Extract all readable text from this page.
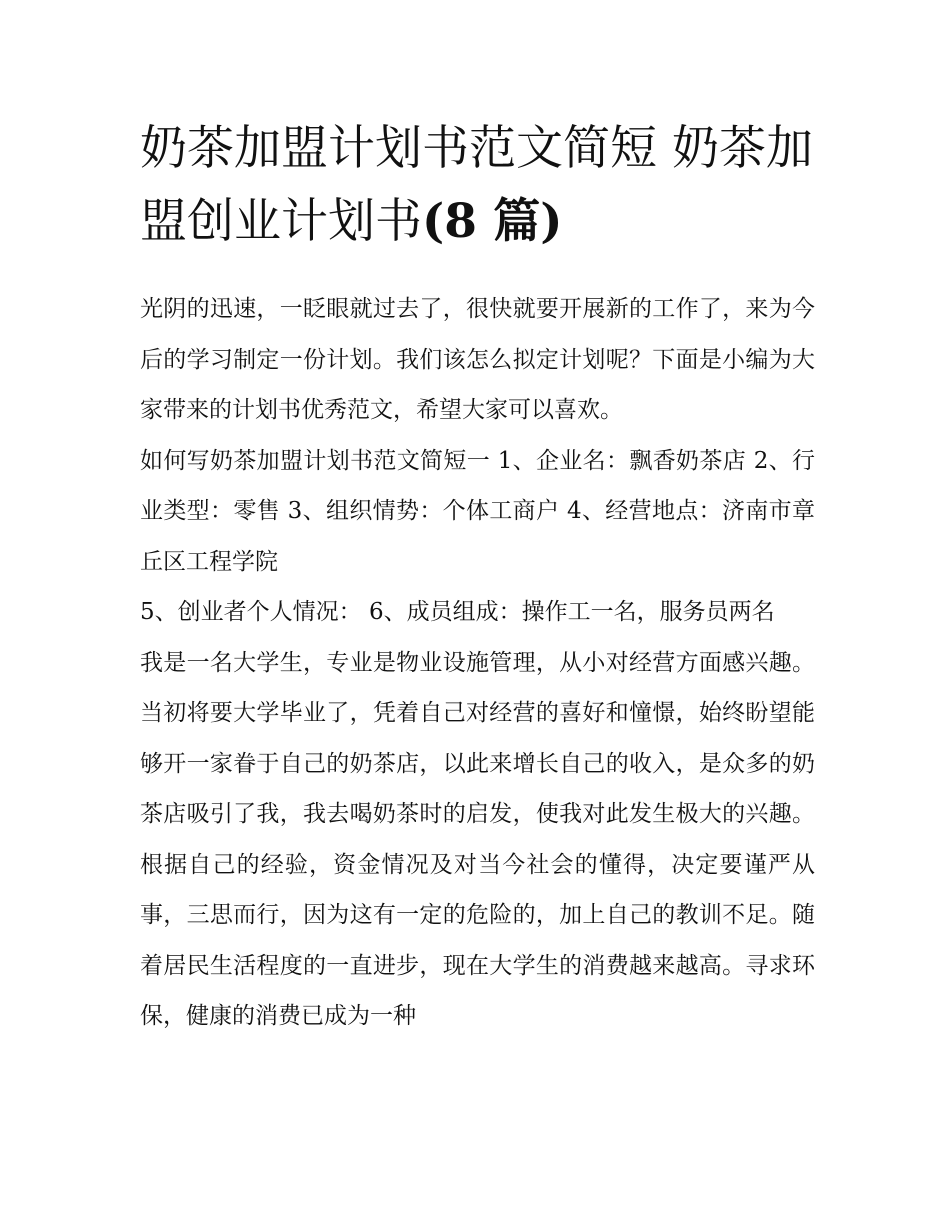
奶茶加盟计划书范文简短 奶茶加盟创业计划书(8 篇)

光阴的迅速，一眨眼就过去了，很快就要开展新的工作了，来为今后的学习制定一份计划。我们该怎么拟定计划呢？下面是小编为大家带来的计划书优秀范文，希望大家可以喜欢。

如何写奶茶加盟计划书范文简短一 1、企业名：飘香奶茶店 2、行业类型：零售 3、组织情势：个体工商户 4、经营地点：济南市章丘区工程学院

5、创业者个人情况： 6、成员组成：操作工一名，服务员两名

我是一名大学生，专业是物业设施管理，从小对经营方面感兴趣。当初将要大学毕业了，凭着自己对经营的喜好和憧憬，始终盼望能够开一家眷于自己的奶茶店，以此来增长自己的收入，是众多的奶茶店吸引了我，我去喝奶茶时的启发，使我对此发生极大的兴趣。根据自己的经验，资金情况及对当今社会的懂得，决定要谨严从事，三思而行，因为这有一定的危险的，加上自己的教训不足。随着居民生活程度的一直进步，现在大学生的消费越来越高。寻求环保，健康的消费已成为一种
